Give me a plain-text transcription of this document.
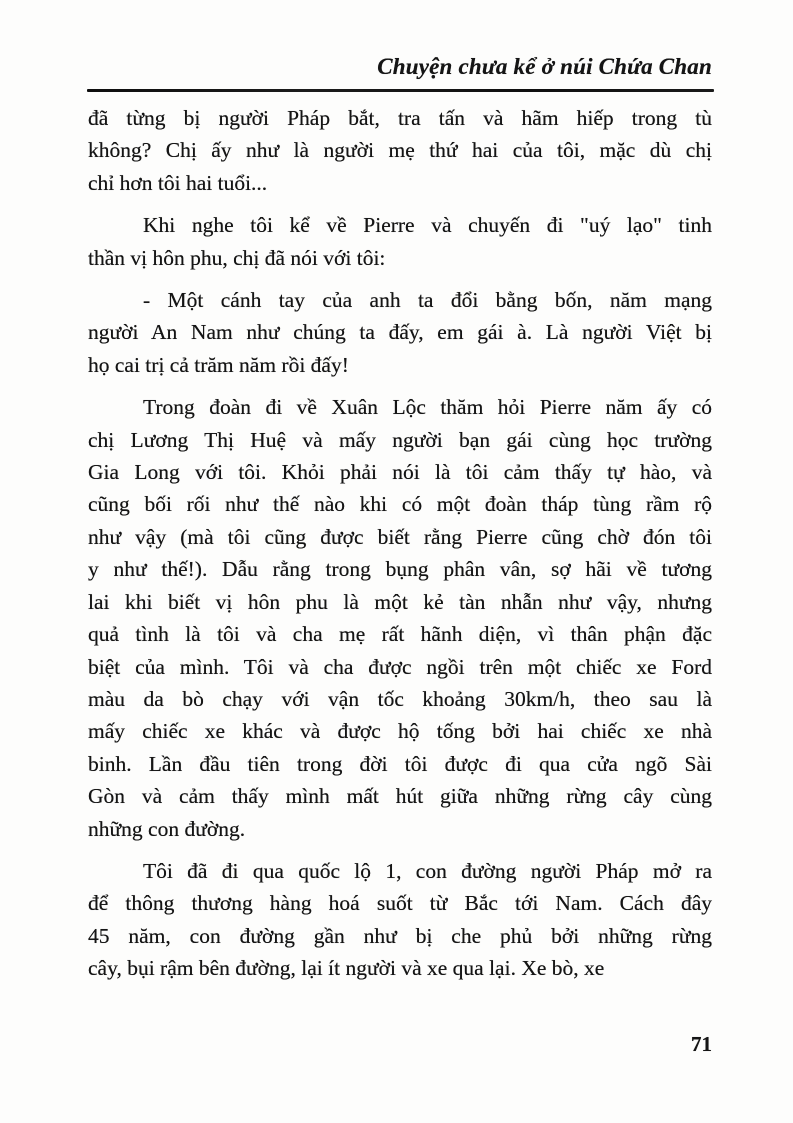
Chuyện chưa kể ở núi Chứa Chan
đã từng bị người Pháp bắt, tra tấn và hãm hiếp trong tù
không? Chị ấy như là người mẹ thứ hai của tôi, mặc dù chị
chỉ hơn tôi hai tuổi...
Khi nghe tôi kể về Pierre và chuyến đi "uý lạo" tinh
thần vị hôn phu, chị đã nói với tôi:
- Một cánh tay của anh ta đổi bằng bốn, năm mạng
người An Nam như chúng ta đấy, em gái à. Là người Việt bị
họ cai trị cả trăm năm rồi đấy!
Trong đoàn đi về Xuân Lộc thăm hỏi Pierre năm ấy có
chị Lương Thị Huệ và mấy người bạn gái cùng học trường
Gia Long với tôi. Khỏi phải nói là tôi cảm thấy tự hào, và
cũng bối rối như thế nào khi có một đoàn tháp tùng rầm rộ
như vậy (mà tôi cũng được biết rằng Pierre cũng chờ đón tôi
y như thế!). Dẫu rằng trong bụng phân vân, sợ hãi về tương
lai khi biết vị hôn phu là một kẻ tàn nhẫn như vậy, nhưng
quả tình là tôi và cha mẹ rất hãnh diện, vì thân phận đặc
biệt của mình. Tôi và cha được ngồi trên một chiếc xe Ford
màu da bò chạy với vận tốc khoảng 30km/h, theo sau là
mấy chiếc xe khác và được hộ tống bởi hai chiếc xe nhà
binh. Lần đầu tiên trong đời tôi được đi qua cửa ngõ Sài
Gòn và cảm thấy mình mất hút giữa những rừng cây cùng
những con đường.
Tôi đã đi qua quốc lộ 1, con đường người Pháp mở ra
để thông thương hàng hoá suốt từ Bắc tới Nam. Cách đây
45 năm, con đường gần như bị che phủ bởi những rừng
cây, bụi rậm bên đường, lại ít người và xe qua lại. Xe bò, xe
71
